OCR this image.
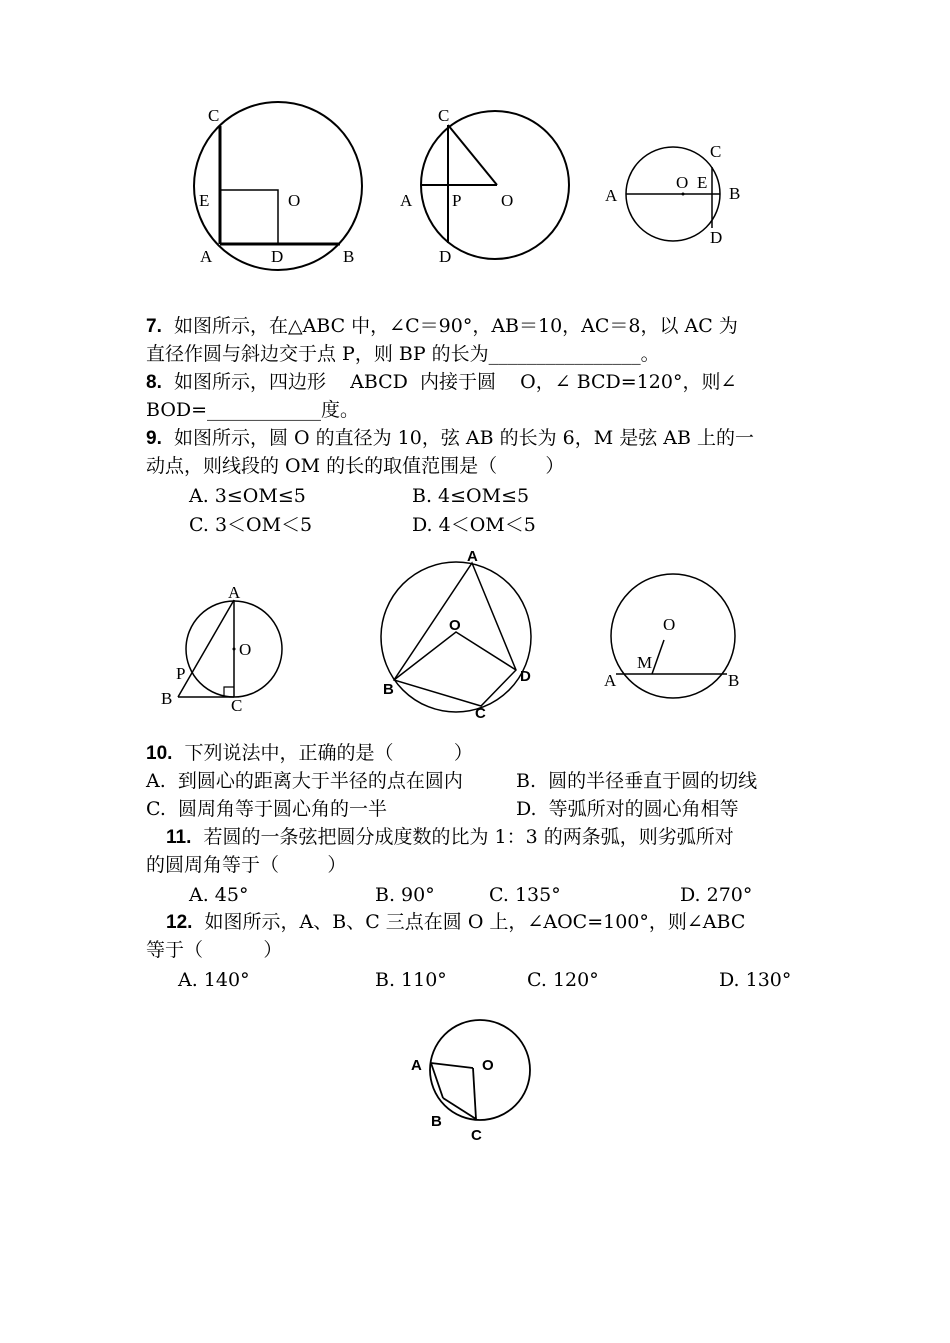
C
E	O
A	D	B
C
A P O
D
A
O E
C
B
D
7. 如图所示，在△ABC 中，∠C＝90°，AB＝10，AC＝8，以 AC 为
直径作圆与斜边交于点 P，则 BP 的长为________________。
8. 如图所示，四边形    ABCD  内接于圆    O，∠ BCD=120°，则∠
BOD=____________度。
9. 如图所示，圆 O 的直径为 10，弦 AB 的长为 6，M 是弦 AB 上的一
动点，则线段的 OM 的长的取值范围是（        ）
A. 3≤OM≤5	B. 4≤OM≤5
C. 3＜OM＜5	D. 4＜OM＜5
A
O
P
B	C
A
O
B
D
C
O
M
A	B
10. 下列说法中，正确的是（          ）
A.  到圆心的距离大于半径的点在圆内	B.  圆的半径垂直于圆的切线
C.  圆周角等于圆心角的一半	D.  等弧所对的圆心角相等
11. 若圆的一条弦把圆分成度数的比为 1：3 的两条弧，则劣弧所对
的圆周角等于（        ）
A. 45°	B. 90°	C. 135°	D. 270°
12. 如图所示，A、B、C 三点在圆 O 上，∠AOC=100°，则∠ABC
等于（          ）
A. 140°	B. 110°	C. 120°	D. 130°
A	O
B
C
